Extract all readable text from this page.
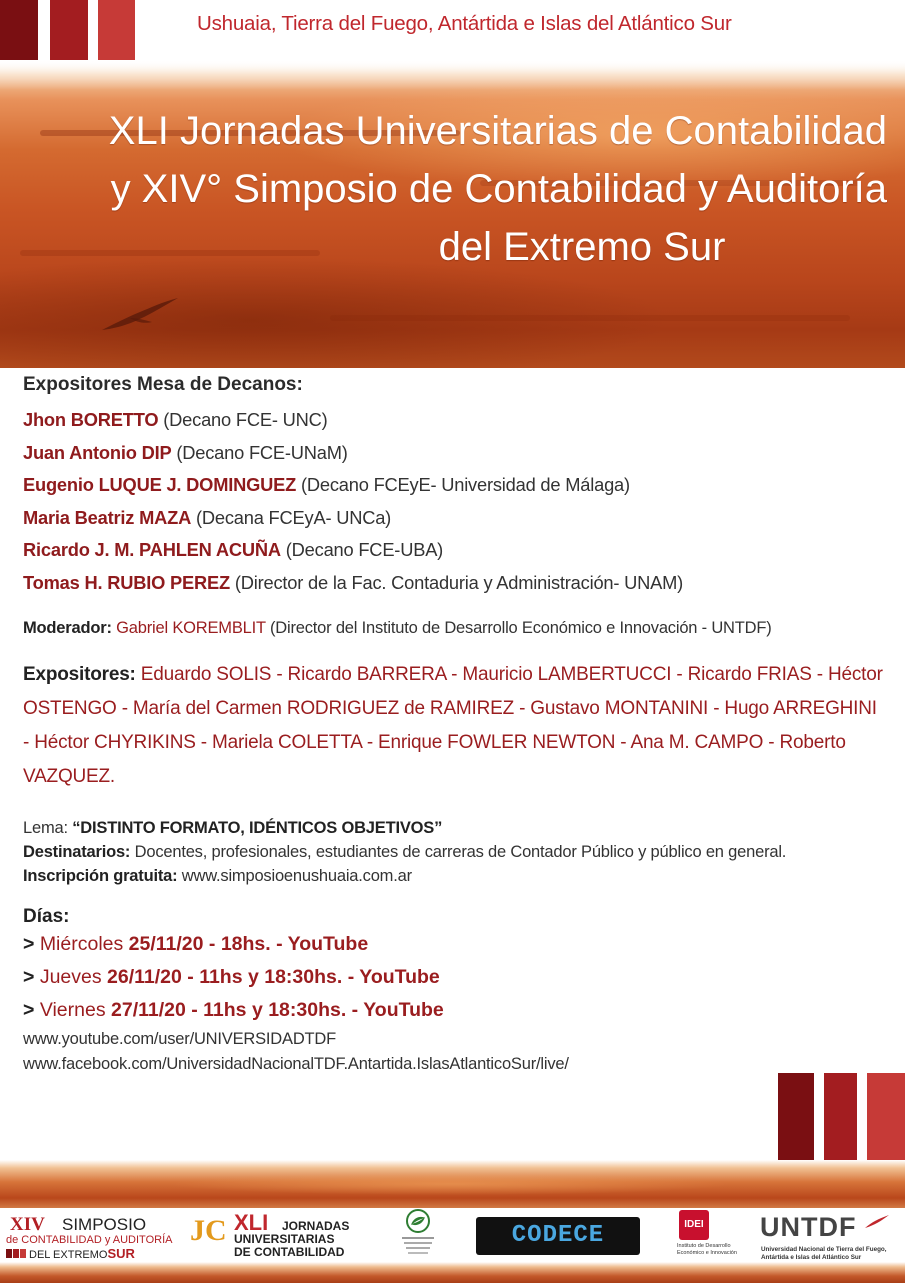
Ushuaia, Tierra del Fuego, Antártida e Islas del Atlántico Sur
XLI Jornadas Universitarias de Contabilidad
y XIV° Simposio de Contabilidad y Auditoría
del Extremo Sur
Expositores Mesa de Decanos:
Jhon BORETTO (Decano FCE- UNC)
Juan Antonio DIP (Decano FCE-UNaM)
Eugenio LUQUE J. DOMINGUEZ (Decano FCEyE- Universidad de Málaga)
Maria Beatriz MAZA (Decana FCEyA- UNCa)
Ricardo J. M. PAHLEN ACUÑA (Decano FCE-UBA)
Tomas H. RUBIO PEREZ (Director de la Fac. Contaduria y Administración- UNAM)
Moderador: Gabriel KOREMBLIT (Director del Instituto de Desarrollo Económico e Innovación - UNTDF)
Expositores: Eduardo SOLIS - Ricardo BARRERA - Mauricio LAMBERTUCCI - Ricardo FRIAS - Héctor OSTENGO - María del Carmen RODRIGUEZ de RAMIREZ - Gustavo MONTANINI - Hugo ARREGHINI - Héctor CHYRIKINS - Mariela COLETTA - Enrique FOWLER NEWTON - Ana M. CAMPO - Roberto VAZQUEZ.
Lema: “DISTINTO FORMATO, IDÉNTICOS OBJETIVOS”
Destinatarios: Docentes, profesionales, estudiantes de carreras de Contador Público y público en general.
Inscripción gratuita: www.simposioenushuaia.com.ar
Días:
> Miércoles 25/11/20 - 18hs. - YouTube
> Jueves 26/11/20 - 11hs y 18:30hs. - YouTube
> Viernes 27/11/20 - 11hs y 18:30hs. - YouTube
www.youtube.com/user/UNIVERSIDADTDF
www.facebook.com/UniversidadNacionalTDF.Antartida.IslasAtlanticoSur/live/
XIV SIMPOSIO
de CONTABILIDAD y AUDITORÍA
DEL EXTREMOSUR
JC XLI JORNADAS
UNIVERSITARIAS
DE CONTABILIDAD
CODECE	IDEI
Instituto de Desarrollo Económico e Innovación
UNTDF
Universidad Nacional de Tierra del Fuego,
Antártida e Islas del Atlántico Sur
